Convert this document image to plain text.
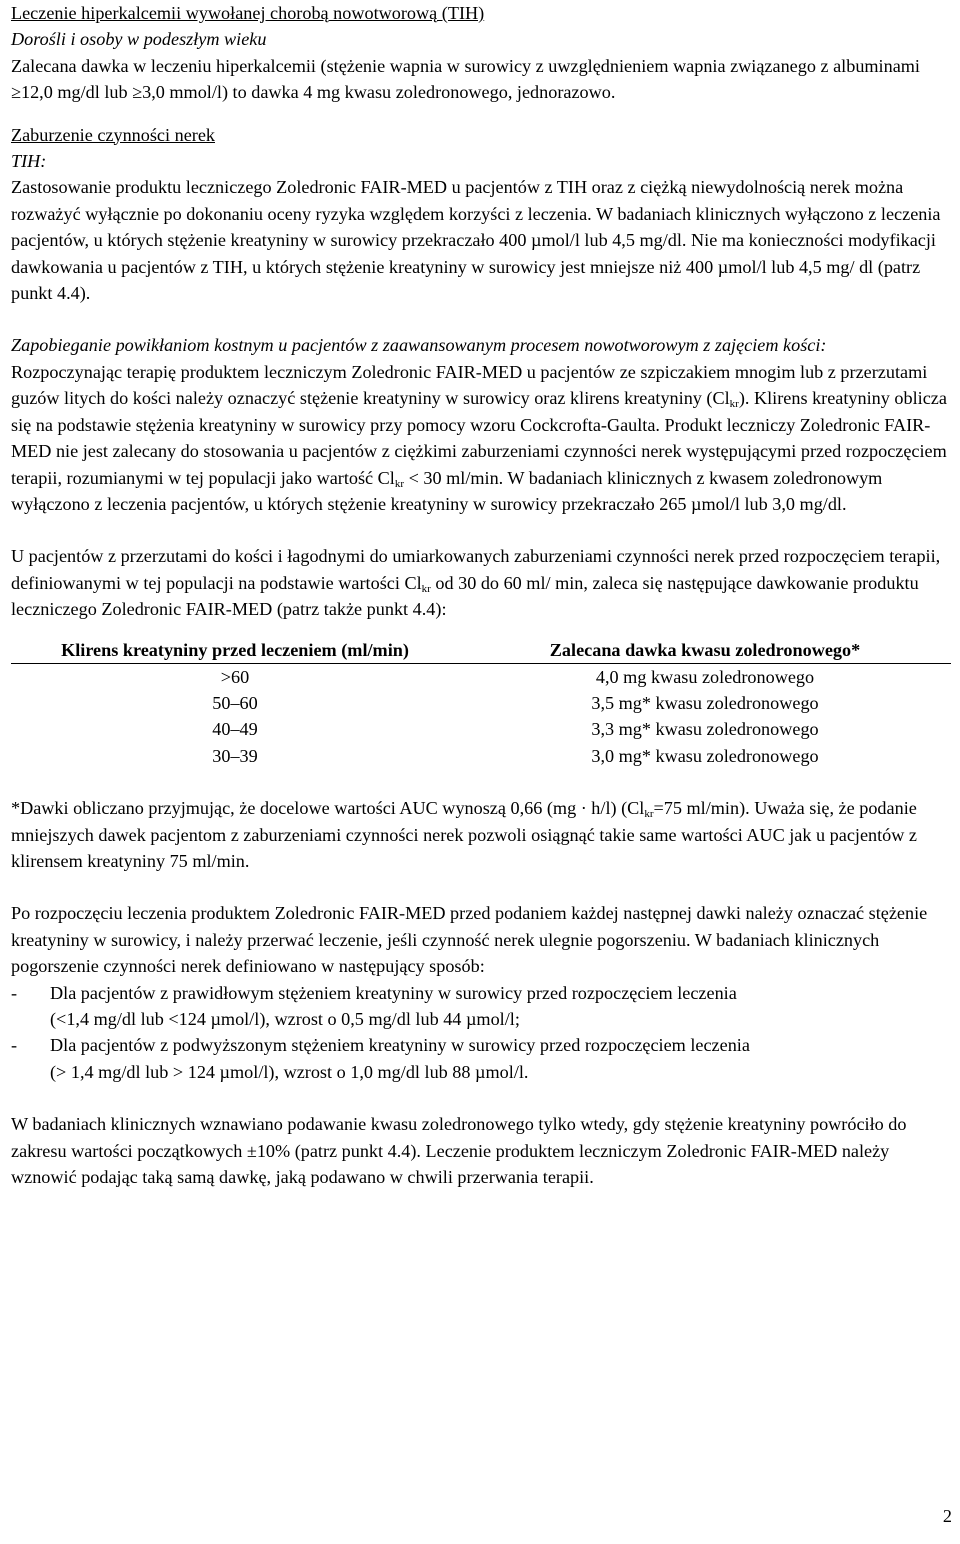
Leczenie hiperkalcemii wywołanej chorobą nowotworową (TIH)

Dorośli i osoby w podeszłym wieku

Zalecana dawka w leczeniu hiperkalcemii (stężenie wapnia w surowicy z uwzględnieniem wapnia związanego z albuminami ≥12,0 mg/dl lub ≥3,0 mmol/l) to dawka 4 mg kwasu zoledronowego, jednorazowo.

Zaburzenie czynności nerek

TIH:

Zastosowanie produktu leczniczego Zoledronic FAIR-MED u pacjentów z TIH oraz z ciężką niewydolnością nerek można rozważyć wyłącznie po dokonaniu oceny ryzyka względem korzyści z leczenia. W badaniach klinicznych wyłączono z leczenia pacjentów, u których stężenie kreatyniny w surowicy przekraczało 400 µmol/l lub 4,5 mg/dl. Nie ma konieczności modyfikacji dawkowania u pacjentów z TIH, u których stężenie kreatyniny w surowicy jest mniejsze niż 400 µmol/l lub 4,5 mg/ dl (patrz punkt 4.4).

Zapobieganie powikłaniom kostnym u pacjentów z zaawansowanym procesem nowotworowym z zajęciem kości:

Rozpoczynając terapię produktem leczniczym Zoledronic FAIR-MED u pacjentów ze szpiczakiem mnogim lub z przerzutami guzów litych do kości należy oznaczyć stężenie kreatyniny w surowicy oraz klirens kreatyniny $(Cl_{kr})$. Klirens kreatyniny oblicza się na podstawie stężenia kreatyniny w surowicy przy pomocy wzoru Cockcrofta-Gaulta. Produkt leczniczy Zoledronic FAIR-MED nie jest zalecany do stosowania u pacjentów z ciężkimi zaburzeniami czynności nerek występującymi przed rozpoczęciem terapii, rozumianymi w tej populacji jako wartość $Cl_{kr} < 30$ ml/min. W badaniach klinicznych z kwasem zoledronowym wyłączono z leczenia pacjentów, u których stężenie kreatyniny w surowicy przekraczało 265 µmol/l lub 3,0 mg/dl.

U pacjentów z przerzutami do kości i łagodnymi do umiarkowanych zaburzeniami czynności nerek przed rozpoczęciem terapii, definiowanymi w tej populacji na podstawie wartości $Cl_{kr}$ od 30 do 60 ml/ min, zaleca się następujące dawkowanie produktu leczniczego Zoledronic FAIR-MED (patrz także punkt 4.4):

Klirens kreatyniny przed leczeniem (ml/min)	Zalecana dawka kwasu zoledronowego*
>60	4,0 mg kwasu zoledronowego
50–60	3,5 mg* kwasu zoledronowego
40–49	3,3 mg* kwasu zoledronowego
30–39	3,0 mg* kwasu zoledronowego

*Dawki obliczano przyjmując, że docelowe wartości AUC wynoszą 0,66 (mg · h/l) ($Cl_{kr}=75$ ml/min). Uważa się, że podanie mniejszych dawek pacjentom z zaburzeniami czynności nerek pozwoli osiągnąć takie same wartości AUC jak u pacjentów z klirensem kreatyniny 75 ml/min.

Po rozpoczęciu leczenia produktem Zoledronic FAIR-MED przed podaniem każdej następnej dawki należy oznaczać stężenie kreatyniny w surowicy, i należy przerwać leczenie, jeśli czynność nerek ulegnie pogorszeniu. W badaniach klinicznych pogorszenie czynności nerek definiowano w następujący sposób:

-	Dla pacjentów z prawidłowym stężeniem kreatyniny w surowicy przed rozpoczęciem leczenia

(<1,4 mg/dl lub <124 µmol/l), wzrost o 0,5 mg/dl lub 44 µmol/l;

-	Dla pacjentów z podwyższonym stężeniem kreatyniny w surowicy przed rozpoczęciem leczenia

(> 1,4 mg/dl lub > 124 µmol/l), wzrost o 1,0 mg/dl lub 88 µmol/l.

W badaniach klinicznych wznawiano podawanie kwasu zoledronowego tylko wtedy, gdy stężenie kreatyniny powróciło do zakresu wartości początkowych ±10% (patrz punkt 4.4). Leczenie produktem leczniczym Zoledronic FAIR-MED należy wznowić podając taką samą dawkę, jaką podawano w chwili przerwania terapii.

2
